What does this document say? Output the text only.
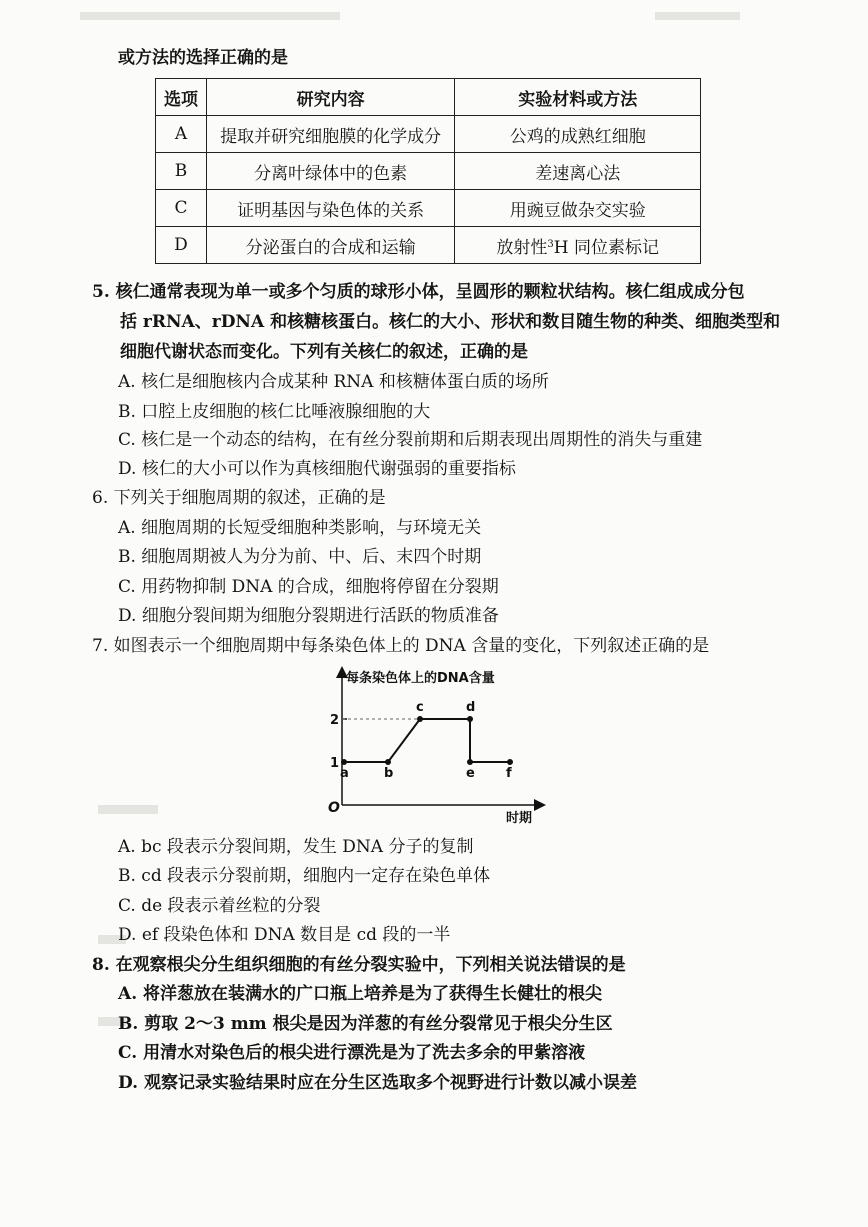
或方法的选择正确的是
选项	研究内容	实验材料或方法
A	提取并研究细胞膜的化学成分	公鸡的成熟红细胞
B	分离叶绿体中的色素	差速离心法
C	证明基因与染色体的关系	用豌豆做杂交实验
D	分泌蛋白的合成和运输	放射性$^3$H 同位素标记
5. 核仁通常表现为单一或多个匀质的球形小体，呈圆形的颗粒状结构。核仁组成成分包
括 rRNA、rDNA 和核糖核蛋白。核仁的大小、形状和数目随生物的种类、细胞类型和
细胞代谢状态而变化。下列有关核仁的叙述，正确的是
A. 核仁是细胞核内合成某种 RNA 和核糖体蛋白质的场所
B. 口腔上皮细胞的核仁比唾液腺细胞的大
C. 核仁是一个动态的结构，在有丝分裂前期和后期表现出周期性的消失与重建
D. 核仁的大小可以作为真核细胞代谢强弱的重要指标
6. 下列关于细胞周期的叙述，正确的是
A. 细胞周期的长短受细胞种类影响，与环境无关
B. 细胞周期被人为分为前、中、后、末四个时期
C. 用药物抑制 DNA 的合成，细胞将停留在分裂期
D. 细胞分裂间期为细胞分裂期进行活跃的物质准备
7. 如图表示一个细胞周期中每条染色体上的 DNA 含量的变化，下列叙述正确的是
每条染色体上的DNA含量
时期
O
1
2
a	b
c	d
e f
A. bc 段表示分裂间期，发生 DNA 分子的复制
B. cd 段表示分裂前期，细胞内一定存在染色单体
C. de 段表示着丝粒的分裂
D. ef 段染色体和 DNA 数目是 cd 段的一半
8. 在观察根尖分生组织细胞的有丝分裂实验中，下列相关说法错误的是
A. 将洋葱放在装满水的广口瓶上培养是为了获得生长健壮的根尖
B. 剪取 2～3 mm 根尖是因为洋葱的有丝分裂常见于根尖分生区
C. 用清水对染色后的根尖进行漂洗是为了洗去多余的甲紫溶液
D. 观察记录实验结果时应在分生区选取多个视野进行计数以减小误差
